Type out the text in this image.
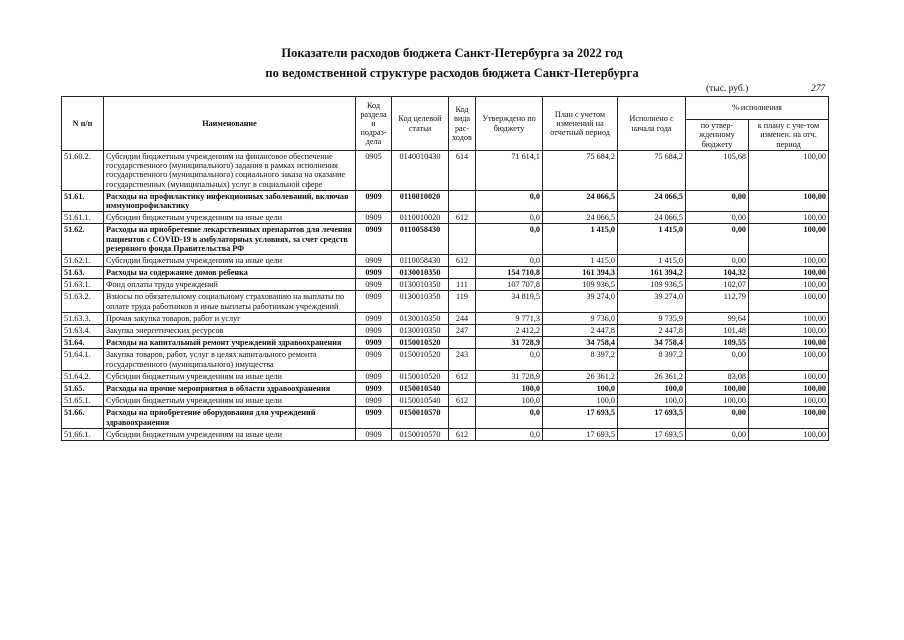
Показатели расходов бюджета Санкт-Петербурга за 2022 год
по ведомственной структуре расходов бюджета Санкт-Петербурга
(тыс. руб.)	277
N п/п	Наименование	Код раздела и подраз-дела	Код целевой статьи	Код вида рас-ходов	Утверждено по бюджету	План с учетом изменений на отчетный период	Исполнено с начала года	% исполнения	
								по утвер-жденному бюджету	к плану с уче-том изменен. на отч. период
51.60.2.	Субсидии бюджетным учреждениям на финансовое обеспечение государственного (муниципального) задания в рамках исполнения государственного (муниципального) социального заказа на оказание государственных (муниципальных) услуг в социальной сфере	0905	0140010430	614	71 614,1	75 684,2	75 684,2	105,68	100,00
51.61.	Расходы на профилактику инфекционных заболеваний, включая иммунопрофилактику	0909	0110010020		0,0	24 066,5	24 066,5	0,00	100,00
51.61.1.	Субсидии бюджетным учреждениям на иные цели	0909	0110010020	612	0,0	24 066,5	24 066,5	0,00	100,00
51.62.	Расходы на приобретение лекарственных препаратов для лечения пациентов с COVID-19 в амбулаторных условиях, за счет средств резервного фонда Правительства РФ	0909	0110058430		0,0	1 415,0	1 415,0	0,00	100,00
51.62.1.	Субсидии бюджетным учреждениям на иные цели	0909	0110058430	612	0,0	1 415,0	1 415,0	0,00	100,00
51.63.	Расходы на содержание домов ребенка	0909	0130010350		154 710,8	161 394,3	161 394,2	104,32	100,00
51.63.1.	Фонд оплаты труда учреждений	0909	0130010350	111	107 707,8	109 936,5	109 936,5	102,07	100,00
51.63.2.	Взносы по обязательному социальному страхованию на выплаты по оплате труда работников и иные выплаты работникам учреждений	0909	0130010350	119	34 819,5	39 274,0	39 274,0	112,79	100,00
51.63.3.	Прочая закупка товаров, работ и услуг	0909	0130010350	244	9 771,3	9 736,0	9 735,9	99,64	100,00
51.63.4.	Закупка энергетических ресурсов	0909	0130010350	247	2 412,2	2 447,8	2 447,8	101,48	100,00
51.64.	Расходы на капитальный ремонт учреждений здравоохранения	0909	0150010520		31 728,9	34 758,4	34 758,4	109,55	100,00
51.64.1.	Закупка товаров, работ, услуг в целях капитального ремонта государственного (муниципального) имущества	0909	0150010520	243	0,0	8 397,2	8 397,2	0,00	100,00
51.64.2.	Субсидии бюджетным учреждениям на иные цели	0909	0150010520	612	31 728,9	26 361,2	26 361,2	83,08	100,00
51.65.	Расходы на прочие мероприятия в области здравоохранения	0909	0150010540		100,0	100,0	100,0	100,00	100,00
51.65.1.	Субсидии бюджетным учреждениям на иные цели	0909	0150010540	612	100,0	100,0	100,0	100,00	100,00
51.66.	Расходы на приобретение оборудования для учреждений здравоохранения	0909	0150010570		0,0	17 693,5	17 693,5	0,00	100,00
51.66.1.	Субсидии бюджетным учреждениям на иные цели	0909	0150010570	612	0,0	17 693,5	17 693,5	0,00	100,00
